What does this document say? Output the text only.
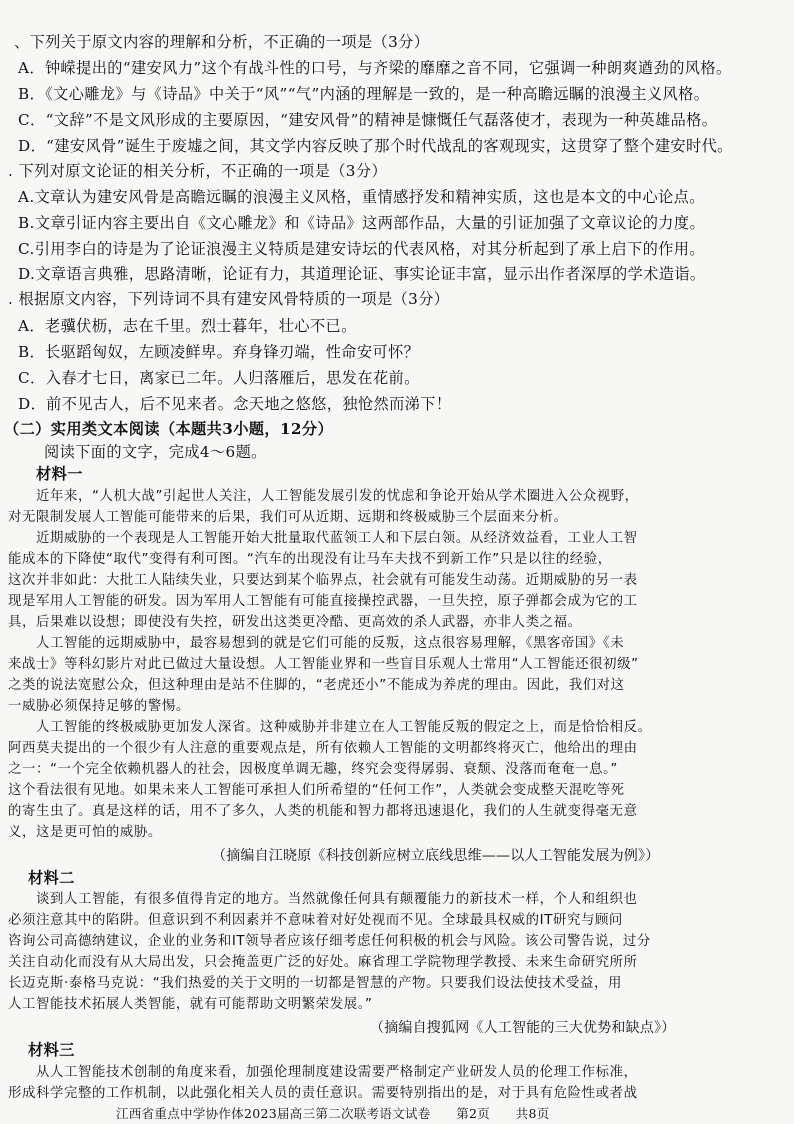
、下列关于原文内容的理解和分析，不正确的一项是（3分）
A．钟嵘提出的“建安风力”这个有战斗性的口号，与齐梁的靡靡之音不同，它强调一种朗爽遒劲的风格。
B．《文心雕龙》与《诗品》中关于“风”“气”内涵的理解是一致的，是一种高瞻远瞩的浪漫主义风格。
C．“文辞”不是文风形成的主要原因，“建安风骨”的精神是慷慨任气磊落使才，表现为一种英雄品格。
D．“建安风骨”诞生于废墟之间，其文学内容反映了那个时代战乱的客观现实，这贯穿了整个建安时代。
. 下列对原文论证的相关分析，不正确的一项是（3分）
A.文章认为建安风骨是高瞻远瞩的浪漫主义风格，重情感抒发和精神实质，这也是本文的中心论点。
B.文章引证内容主要出自《文心雕龙》和《诗品》这两部作品，大量的引证加强了文章议论的力度。
C.引用李白的诗是为了论证浪漫主义特质是建安诗坛的代表风格，对其分析起到了承上启下的作用。
D.文章语言典雅，思路清晰，论证有力，其道理论证、事实论证丰富，显示出作者深厚的学术造诣。
. 根据原文内容，下列诗词不具有建安风骨特质的一项是（3分）
A．老骥伏枥，志在千里。烈士暮年，壮心不已。
B．长驱蹈匈奴，左顾凌鲜卑。弃身锋刃端，性命安可怀？
C．入春才七日，离家已二年。人归落雁后，思发在花前。
D．前不见古人，后不见来者。念天地之悠悠，独怆然而涕下！
（二）实用类文本阅读（本题共3小题，12分）
阅读下面的文字，完成4～6题。
材料一
近年来，“人机大战”引起世人关注，人工智能发展引发的忧虑和争论开始从学术圈进入公众视野，
对无限制发展人工智能可能带来的后果，我们可从近期、远期和终极威胁三个层面来分析。
近期威胁的一个表现是人工智能开始大批量取代蓝领工人和下层白领。从经济效益看，工业人工智
能成本的下降使“取代”变得有利可图。“汽车的出现没有让马车夫找不到新工作”只是以往的经验，
这次并非如此：大批工人陆续失业，只要达到某个临界点，社会就有可能发生动荡。近期威胁的另一表
现是军用人工智能的研发。因为军用人工智能有可能直接操控武器，一旦失控，原子弹都会成为它的工
具，后果难以设想；即使没有失控，研发出这类更冷酷、更高效的杀人武器，亦非人类之福。
人工智能的远期威胁中，最容易想到的就是它们可能的反叛，这点很容易理解，《黑客帝国》《未
来战士》等科幻影片对此已做过大量设想。人工智能业界和一些盲目乐观人士常用“人工智能还很初级”
之类的说法宽慰公众，但这种理由是站不住脚的，“老虎还小”不能成为养虎的理由。因此，我们对这
一威胁必须保持足够的警惕。
人工智能的终极威胁更加发人深省。这种威胁并非建立在人工智能反叛的假定之上，而是恰恰相反。
阿西莫夫提出的一个很少有人注意的重要观点是，所有依赖人工智能的文明都终将灭亡，他给出的理由
之一：“一个完全依赖机器人的社会，因极度单调无趣，终究会变得孱弱、衰颓、没落而奄奄一息。”
这个看法很有见地。如果未来人工智能可承担人们所希望的“任何工作”，人类就会变成整天混吃等死
的寄生虫了。真是这样的话，用不了多久，人类的机能和智力都将迅速退化，我们的人生就变得毫无意
义，这是更可怕的威胁。
（摘编自江晓原《科技创新应树立底线思维——以人工智能发展为例》）
材料二
谈到人工智能，有很多值得肯定的地方。当然就像任何具有颠覆能力的新技术一样，个人和组织也
必须注意其中的陷阱。但意识到不利因素并不意味着对好处视而不见。全球最具权威的IT研究与顾问
咨询公司高德纳建议，企业的业务和IT领导者应该仔细考虑任何积极的机会与风险。该公司警告说，过分
关注自动化而没有从大局出发，只会掩盖更广泛的好处。麻省理工学院物理学教授、未来生命研究所所
长迈克斯·泰格马克说：“我们热爱的关于文明的一切都是智慧的产物。只要我们设法使技术受益，用
人工智能技术拓展人类智能，就有可能帮助文明繁荣发展。”
（摘编自搜狐网《人工智能的三大优势和缺点》）
材料三
从人工智能技术创制的角度来看，加强伦理制度建设需要严格制定产业研发人员的伦理工作标准，
形成科学完整的工作机制，以此强化相关人员的责任意识。需要特别指出的是，对于具有危险性或者战
江西省重点中学协作体2023届高三第二次联考语文试卷　　第2页　　共8页
